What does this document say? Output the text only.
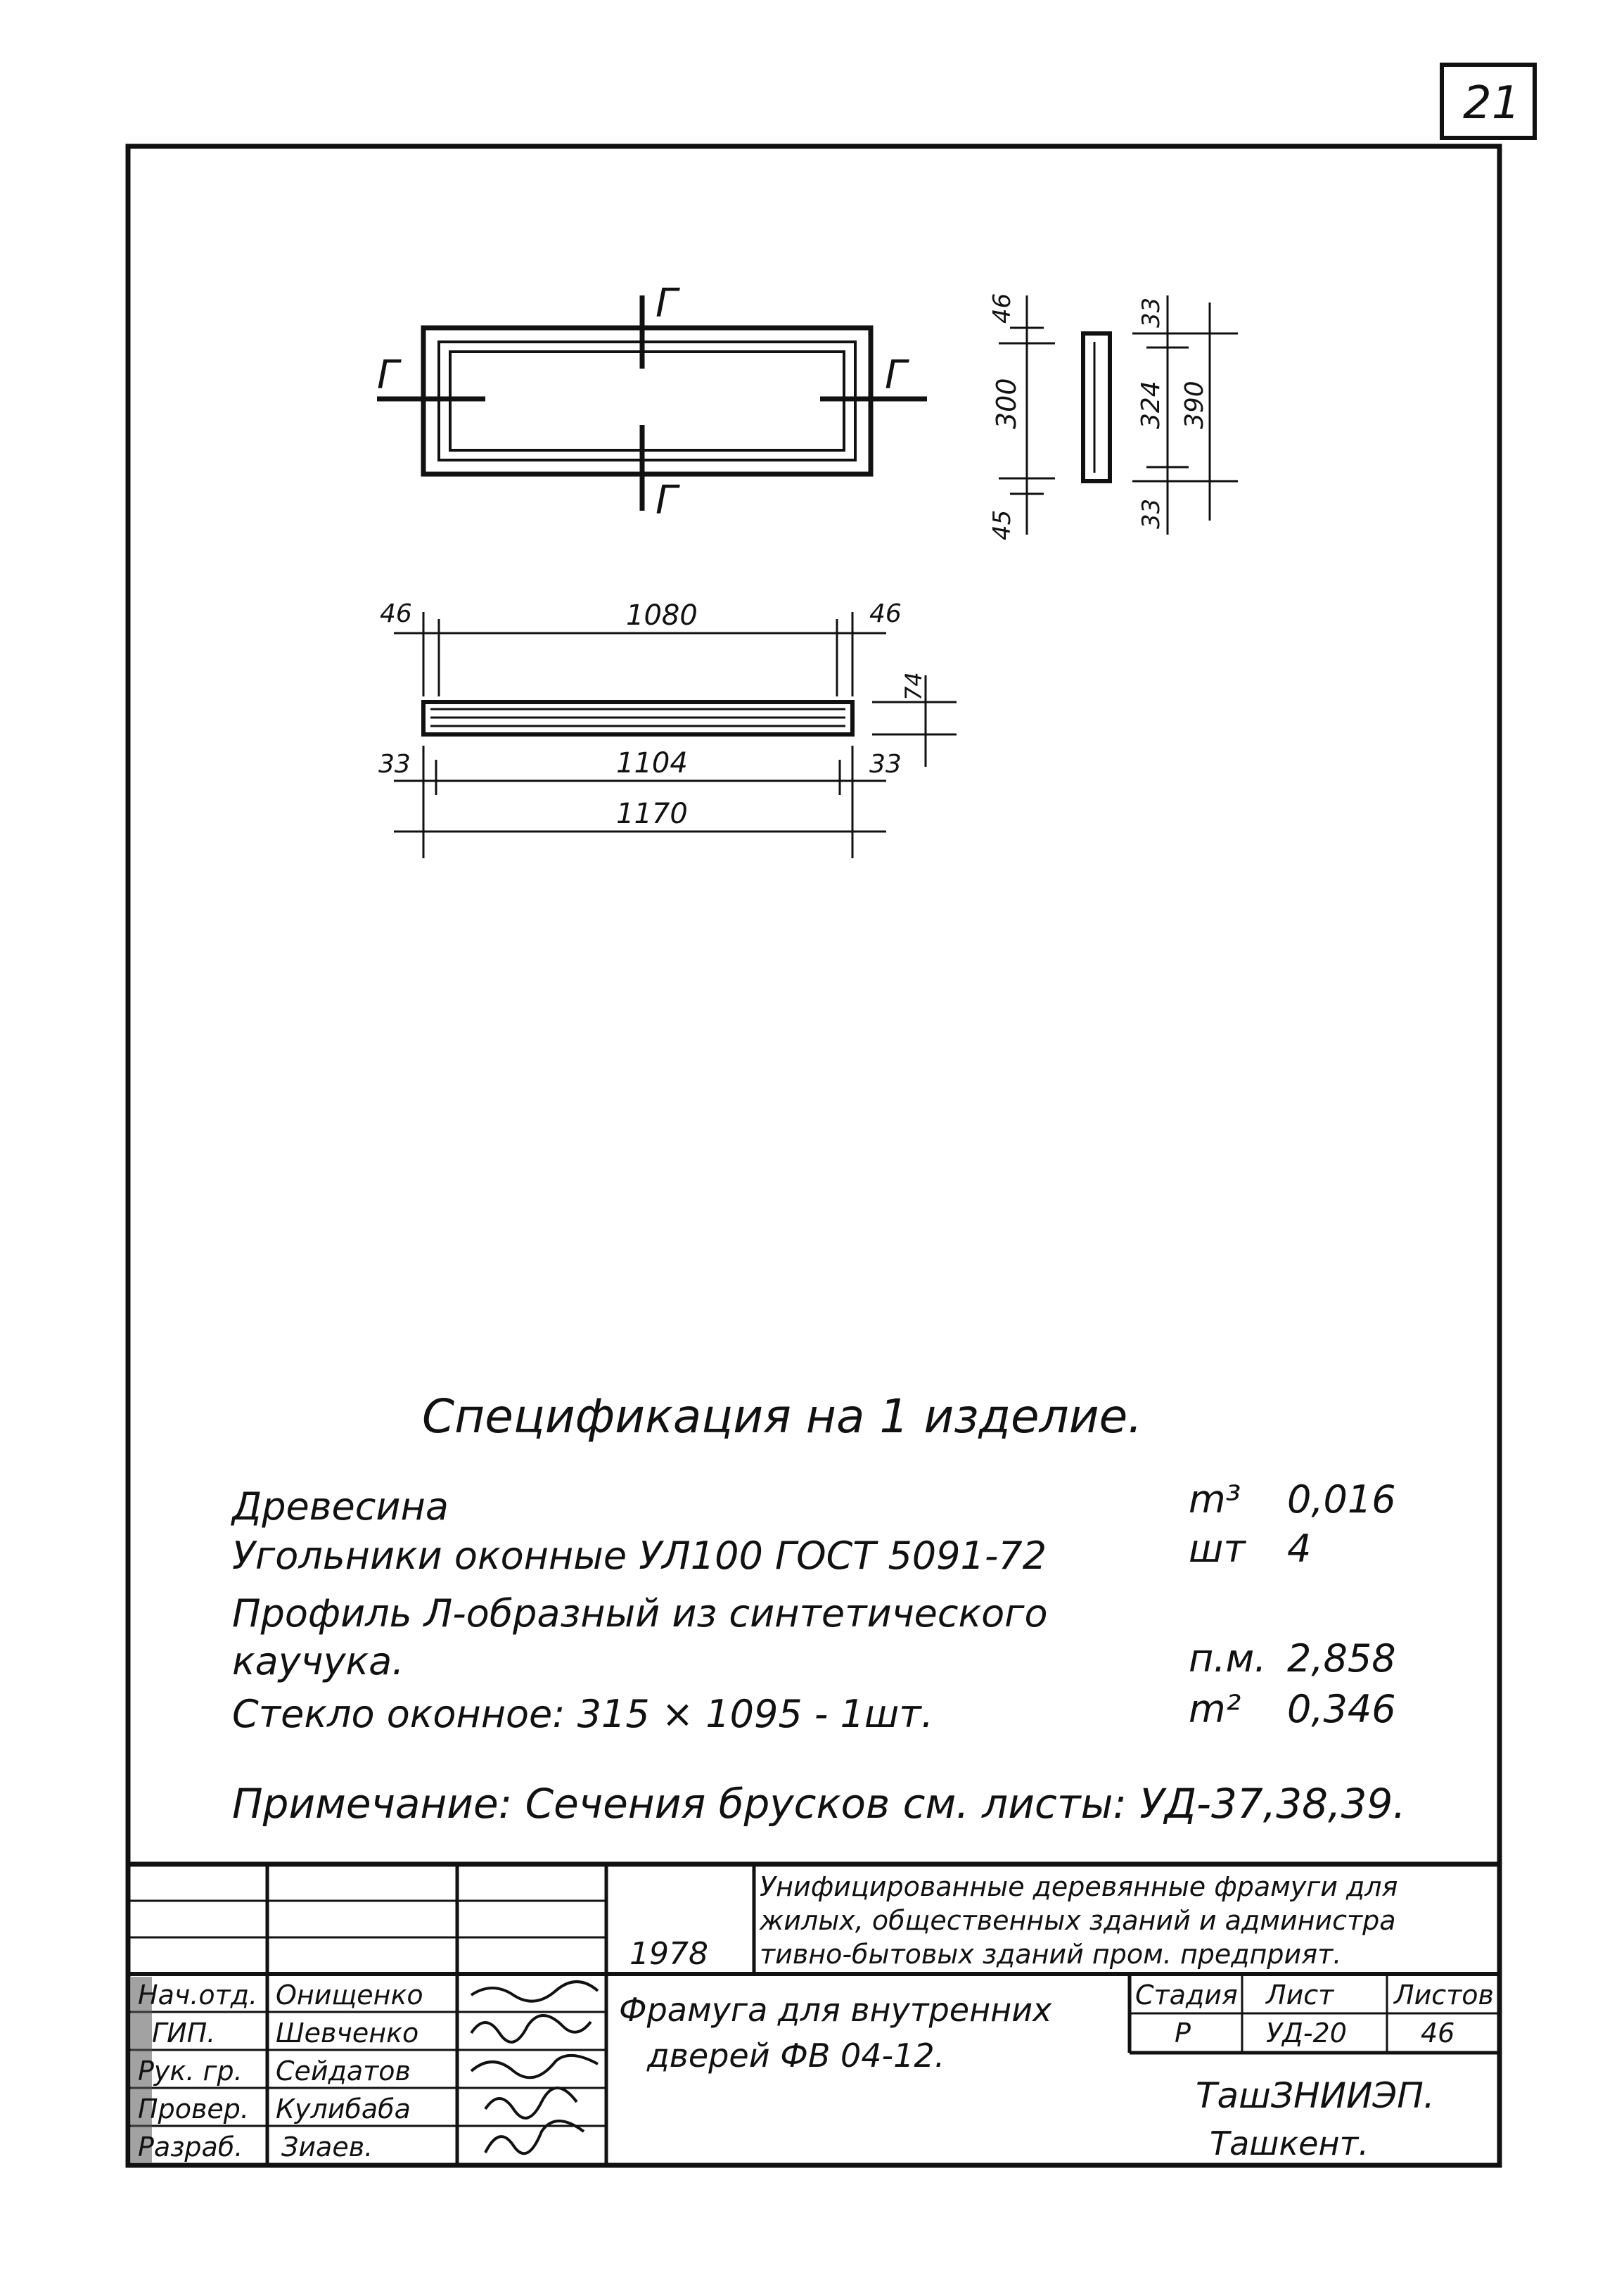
Г
Г
Г	Г
46
300
45
33
324 390
33
46	1080	46
74
33	1104	33
1170
21
Спецификация на 1 изделие.
Древесина	m³ 0,016
Угольники оконные УЛ100 ГОСТ 5091-72	шт 4
Профиль Л-образный из синтетического
каучука.	п.м. 2,858
Стекло оконное: 315 × 1095 - 1шт.	m² 0,346
Примечание: Сечения брусков см. листы: УД-37,38,39.
1978
Унифицированные деревянные фрамуги для
жилых, общественных зданий и администра
тивно-бытовых зданий пром. предприят.
Нач.отд. Онищенко
ГИП. Шевченко
Рук. гр. Сейдатов
Провер. Кулибаба
Разраб. Зиаев.
Фрамуга для внутренних
дверей ФВ 04-12.
Стадия Лист Листов
Р	УД-20	46
ТашЗНИИЭП.
Ташкент.
